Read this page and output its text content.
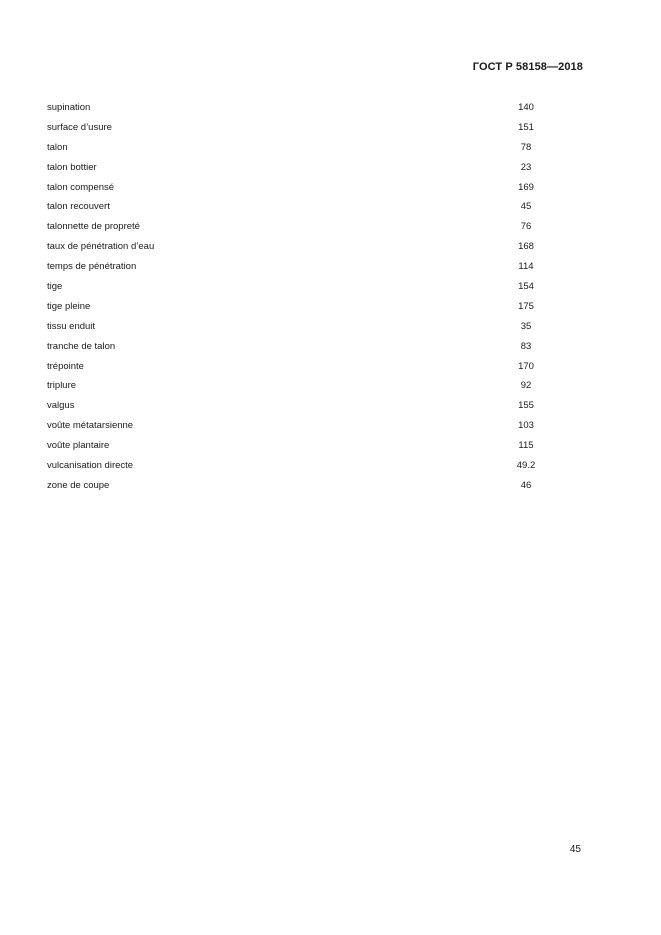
ГОСТ Р 58158—2018
supination	140
surface d’usure	151
talon	78
talon bottier	23
talon compensé	169
talon recouvert	45
talonnette de propreté	76
taux de pénétration d’eau	168
temps de pénétration	114
tige	154
tige pleine	175
tissu enduit	35
tranche de talon	83
trépointe	170
triplure	92
valgus	155
voûte métatarsienne	103
voûte plantaire	115
vulcanisation directe	49.2
zone de coupe	46
45
